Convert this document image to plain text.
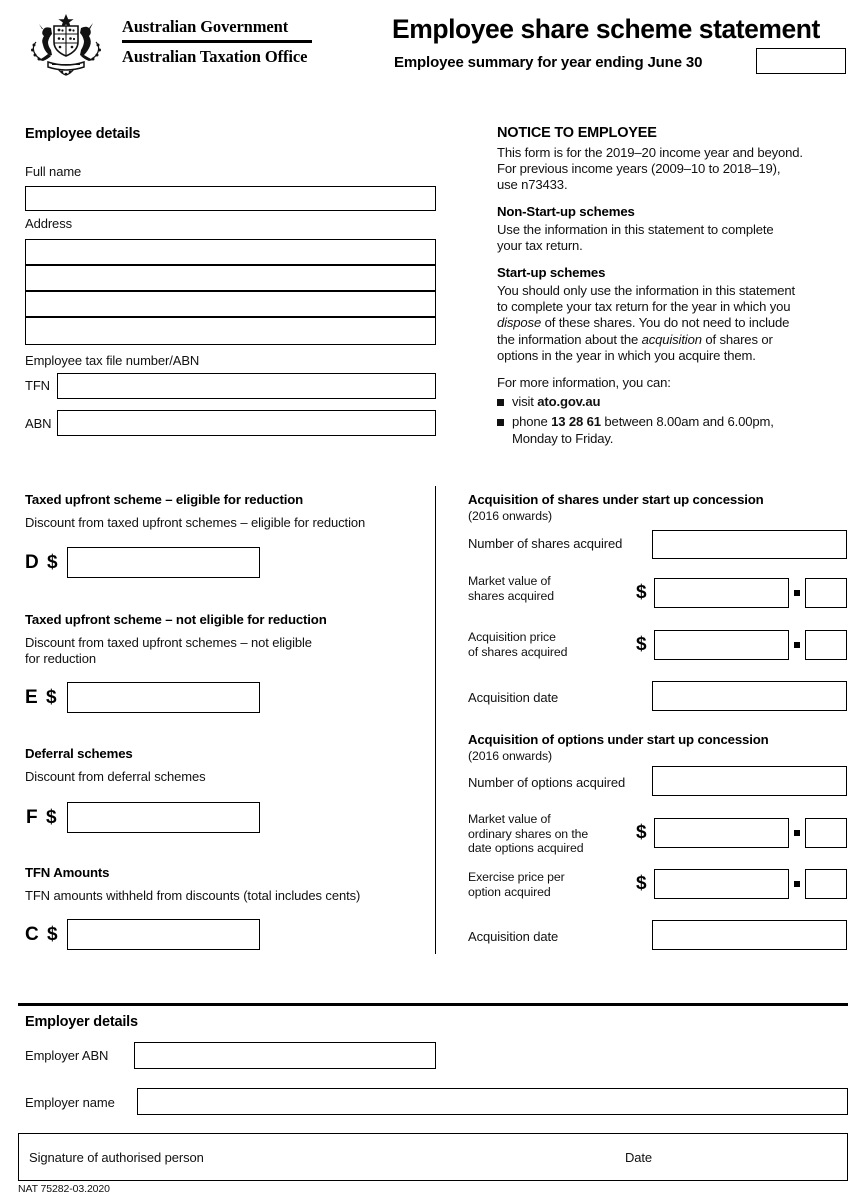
Australian Government
Australian Taxation Office
Employee share scheme statement
Employee summary for year ending June 30
Employee details
Full name
Address
Employee tax file number/ABN
TFN
ABN
NOTICE TO EMPLOYEE
This form is for the 2019–20 income year and beyond.
For previous income years (2009–10 to 2018–19),
use n73433.
Non-Start-up schemes
Use the information in this statement to complete
your tax return.
Start-up schemes
You should only use the information in this statement
to complete your tax return for the year in which you
dispose of these shares. You do not need to include
the information about the acquisition of shares or
options in the year in which you acquire them.
For more information, you can:
visit ato.gov.au
phone 13 28 61 between 8.00am and 6.00pm,
Monday to Friday.
Taxed upfront scheme – eligible for reduction
Discount from taxed upfront schemes – eligible for reduction
D $
Taxed upfront scheme – not eligible for reduction
Discount from taxed upfront schemes – not eligible
for reduction
E $
Deferral schemes
Discount from deferral schemes
F $
TFN Amounts
TFN amounts withheld from discounts (total includes cents)
C $
Acquisition of shares under start up concession
(2016 onwards)
Number of shares acquired
Market value of
shares acquired	$
Acquisition price
of shares acquired	$
Acquisition date
Acquisition of options under start up concession
(2016 onwards)
Number of options acquired
Market value of
ordinary shares on the
date options acquired
$
Exercise price per
option acquired	$
Acquisition date
Employer details
Employer ABN
Employer name
Signature of authorised person	Date
NAT 75282-03.2020
